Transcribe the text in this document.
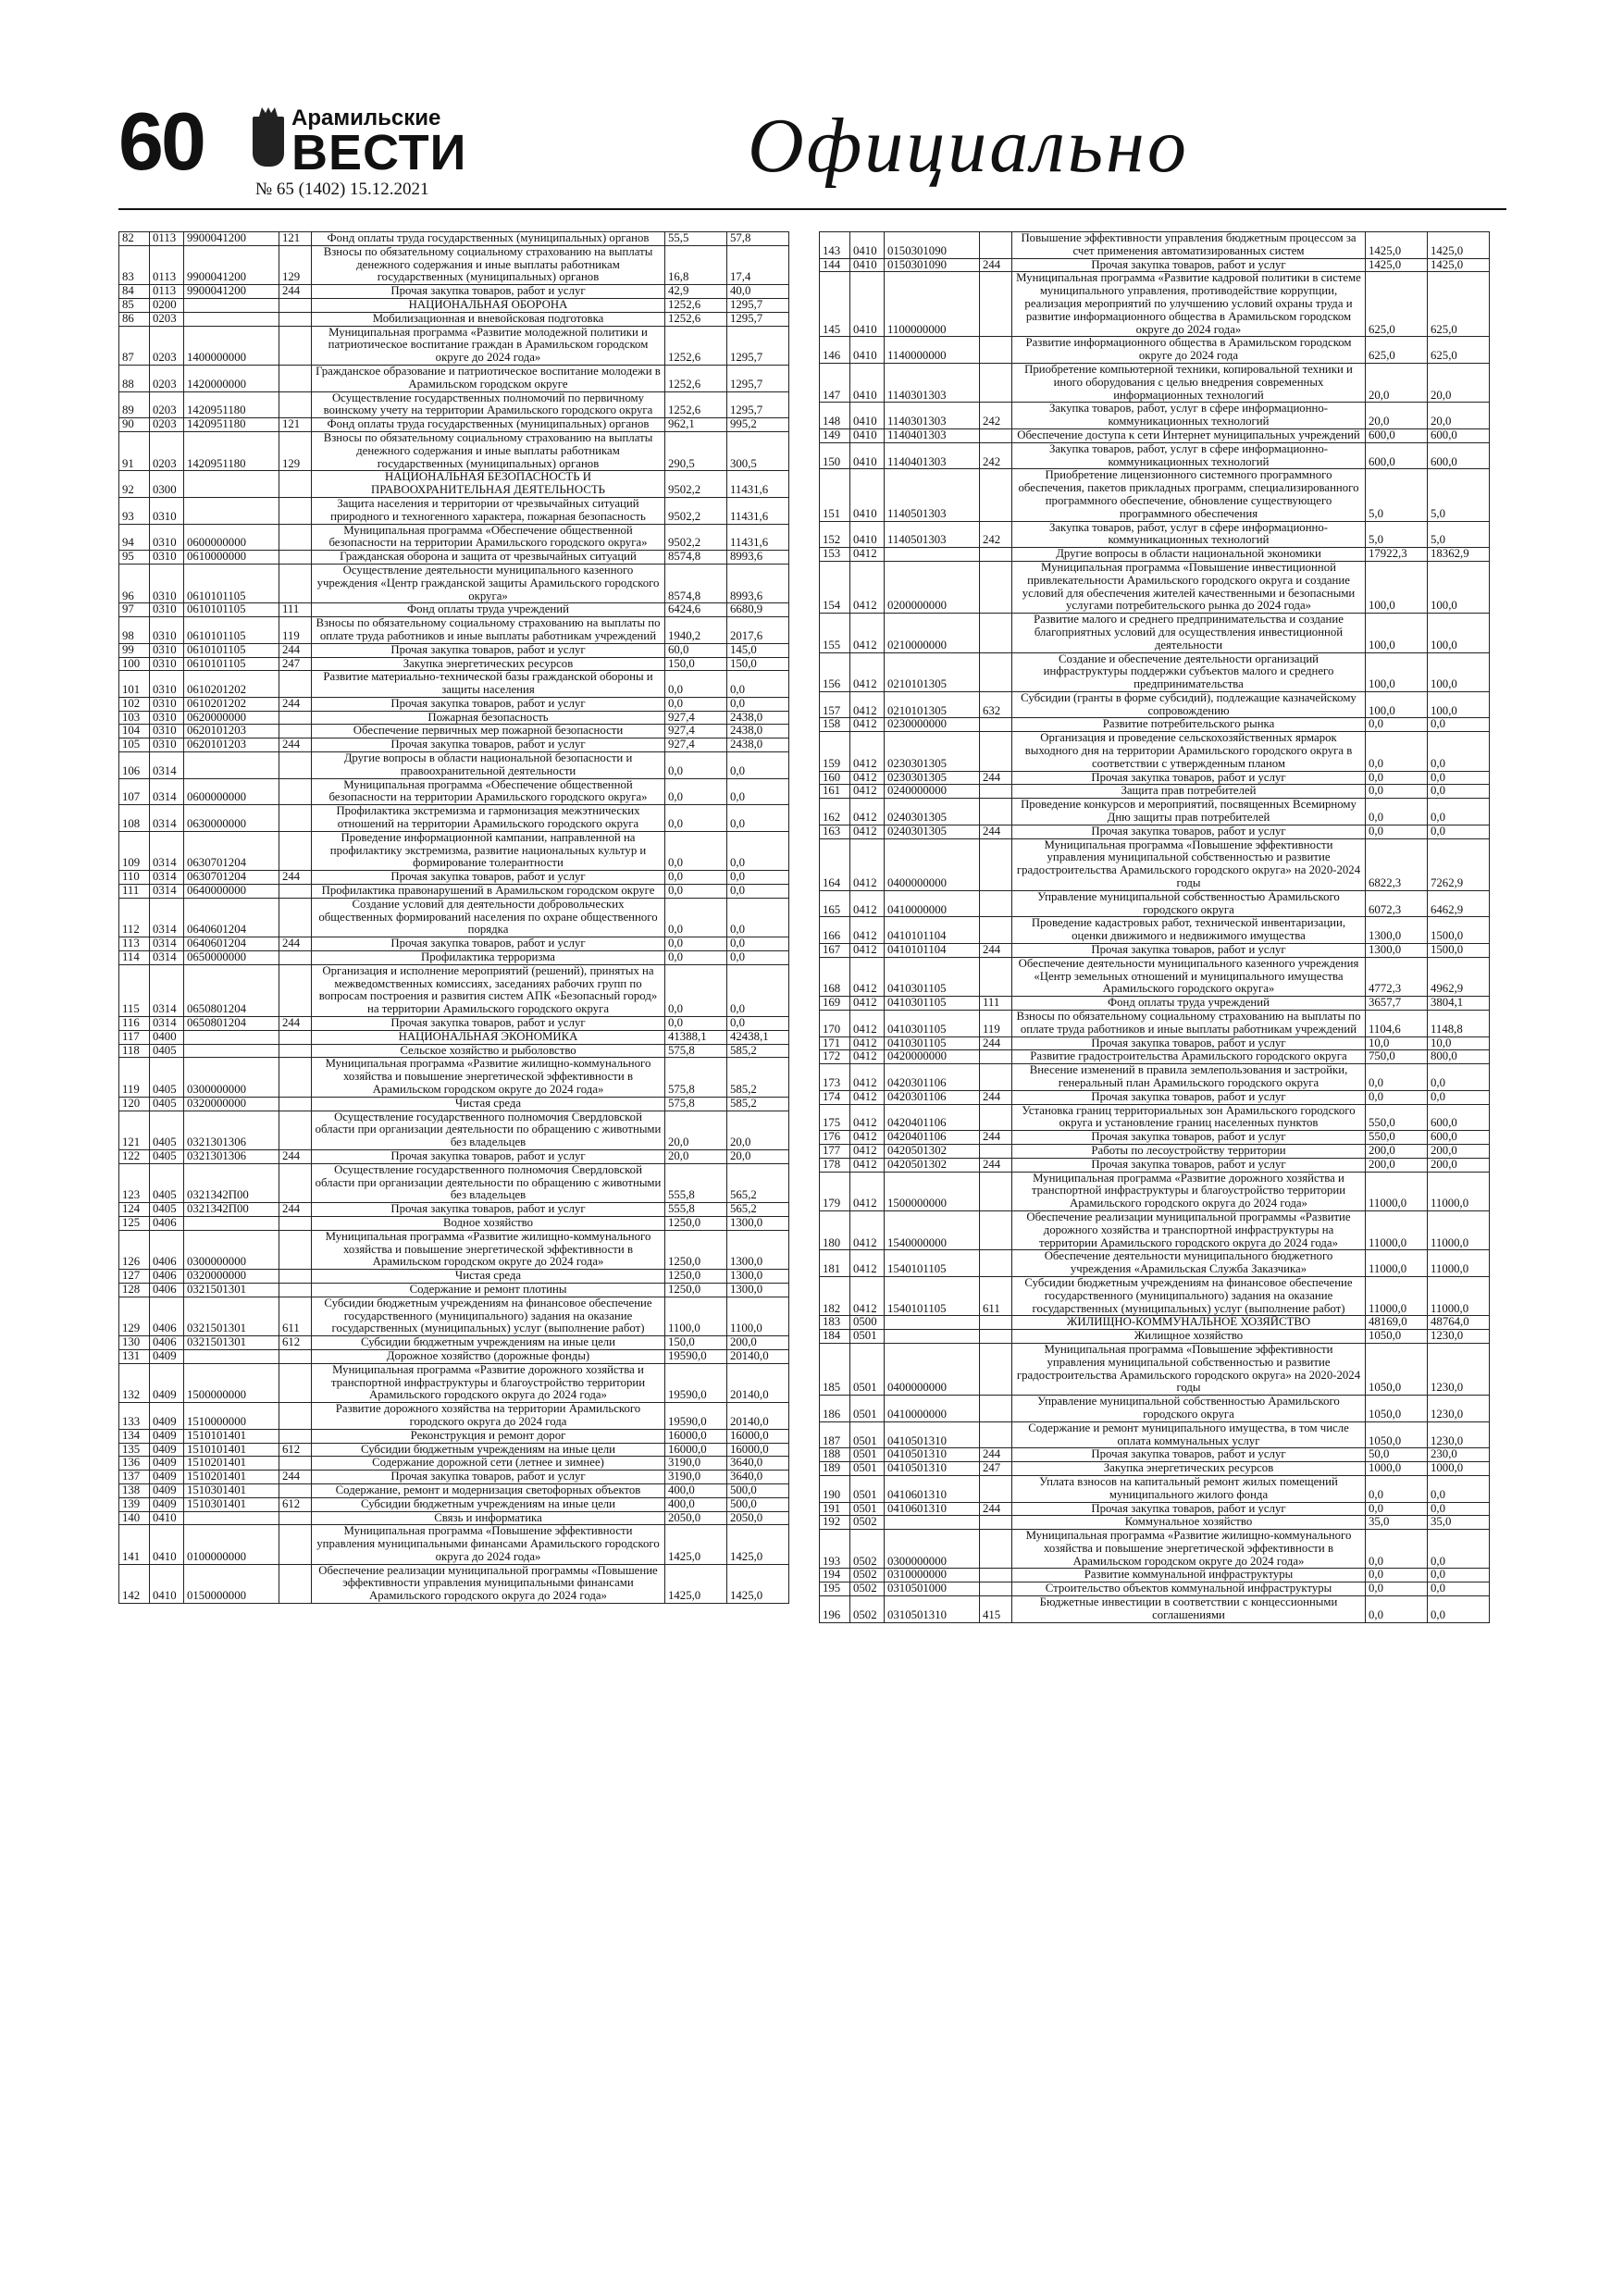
60	Арамильские
ВЕСТИ
№ 65 (1402) 15.12.2021
Официально
82	0113	9900041200	121	Фонд оплаты труда государственных (муниципальных) органов	55,5	57,8
83	0113	9900041200	129	Взносы по обязательному социальному страхованию на выплаты денежного содержания и иные выплаты работникам государственных (муниципальных) органов	16,8	17,4
84	0113	9900041200	244	Прочая закупка товаров, работ и услуг	42,9	40,0
85	0200			НАЦИОНАЛЬНАЯ ОБОРОНА	1252,6	1295,7
86	0203			Мобилизационная и вневойсковая подготовка	1252,6	1295,7
87	0203	1400000000		Муниципальная программа «Развитие молодежной политики и патриотическое воспитание граждан в Арамильском городском округе до 2024 года»	1252,6	1295,7
88	0203	1420000000		Гражданское образование и патриотическое воспитание молодежи в Арамильском городском округе	1252,6	1295,7
89	0203	1420951180		Осуществление государственных полномочий по первичному воинскому учету на территории Арамильского городского округа	1252,6	1295,7
90	0203	1420951180	121	Фонд оплаты труда государственных (муниципальных) органов	962,1	995,2
91	0203	1420951180	129	Взносы по обязательному социальному страхованию на выплаты денежного содержания и иные выплаты работникам государственных (муниципальных) органов	290,5	300,5
92	0300			НАЦИОНАЛЬНАЯ БЕЗОПАСНОСТЬ И ПРАВООХРАНИТЕЛЬНАЯ ДЕЯТЕЛЬНОСТЬ	9502,2	11431,6
93	0310			Защита населения и территории от чрезвычайных ситуаций природного и техногенного характера, пожарная безопасность	9502,2	11431,6
94	0310	0600000000		Муниципальная программа «Обеспечение общественной безопасности на территории Арамильского городского округа»	9502,2	11431,6
95	0310	0610000000		Гражданская оборона и защита от чрезвычайных ситуаций	8574,8	8993,6
96	0310	0610101105		Осуществление деятельности муниципального казенного учреждения «Центр гражданской защиты Арамильского городского округа»	8574,8	8993,6
97	0310	0610101105	111	Фонд оплаты труда учреждений	6424,6	6680,9
98	0310	0610101105	119	Взносы по обязательному социальному страхованию на выплаты по оплате труда работников и иные выплаты работникам учреждений	1940,2	2017,6
99	0310	0610101105	244	Прочая закупка товаров, работ и услуг	60,0	145,0
100	0310	0610101105	247	Закупка энергетических ресурсов	150,0	150,0
101	0310	0610201202		Развитие материально-технической базы гражданской обороны и защиты населения	0,0	0,0
102	0310	0610201202	244	Прочая закупка товаров, работ и услуг	0,0	0,0
103	0310	0620000000		Пожарная безопасность	927,4	2438,0
104	0310	0620101203		Обеспечение первичных мер пожарной безопасности	927,4	2438,0
105	0310	0620101203	244	Прочая закупка товаров, работ и услуг	927,4	2438,0
106	0314			Другие вопросы в области национальной безопасности и правоохранительной деятельности	0,0	0,0
107	0314	0600000000		Муниципальная программа «Обеспечение общественной безопасности на территории Арамильского городского округа»	0,0	0,0
108	0314	0630000000		Профилактика экстремизма и гармонизация межэтнических отношений на территории Арамильского городского округа	0,0	0,0
109	0314	0630701204		Проведение информационной кампании, направленной на профилактику экстремизма, развитие национальных культур и формирование толерантности	0,0	0,0
110	0314	0630701204	244	Прочая закупка товаров, работ и услуг	0,0	0,0
111	0314	0640000000		Профилактика правонарушений в Арамильском городском округе	0,0	0,0
112	0314	0640601204		Создание условий для деятельности добровольческих общественных формирований населения по охране общественного порядка	0,0	0,0
113	0314	0640601204	244	Прочая закупка товаров, работ и услуг	0,0	0,0
114	0314	0650000000		Профилактика терроризма	0,0	0,0
115	0314	0650801204		Организация и исполнение мероприятий (решений), принятых на межведомственных комиссиях, заседаниях рабочих групп по вопросам построения и развития систем АПК «Безопасный город» на территории Арамильского городского округа	0,0	0,0
116	0314	0650801204	244	Прочая закупка товаров, работ и услуг	0,0	0,0
117	0400			НАЦИОНАЛЬНАЯ ЭКОНОМИКА	41388,1	42438,1
118	0405			Сельское хозяйство и рыболовство	575,8	585,2
119	0405	0300000000		Муниципальная программа «Развитие жилищно-коммунального хозяйства и повышение энергетической эффективности в Арамильском городском округе до 2024 года»	575,8	585,2
120	0405	0320000000		Чистая среда	575,8	585,2
121	0405	0321301306		Осуществление государственного полномочия Свердловской области при организации деятельности по обращению с животными без владельцев	20,0	20,0
122	0405	0321301306	244	Прочая закупка товаров, работ и услуг	20,0	20,0
123	0405	0321342П00		Осуществление государственного полномочия Свердловской области при организации деятельности по обращению с животными без владельцев	555,8	565,2
124	0405	0321342П00	244	Прочая закупка товаров, работ и услуг	555,8	565,2
125	0406			Водное хозяйство	1250,0	1300,0
126	0406	0300000000		Муниципальная программа «Развитие жилищно-коммунального хозяйства и повышение энергетической эффективности в Арамильском городском округе до 2024 года»	1250,0	1300,0
127	0406	0320000000		Чистая среда	1250,0	1300,0
128	0406	0321501301		Содержание и ремонт плотины	1250,0	1300,0
129	0406	0321501301	611	Субсидии бюджетным учреждениям на финансовое обеспечение государственного (муниципального) задания на оказание государственных (муниципальных) услуг (выполнение работ)	1100,0	1100,0
130	0406	0321501301	612	Субсидии бюджетным учреждениям на иные цели	150,0	200,0
131	0409			Дорожное хозяйство (дорожные фонды)	19590,0	20140,0
132	0409	1500000000		Муниципальная программа «Развитие дорожного хозяйства и транспортной инфраструктуры и благоустройство территории Арамильского городского округа до 2024 года»	19590,0	20140,0
133	0409	1510000000		Развитие дорожного хозяйства на территории Арамильского городского округа до 2024 года	19590,0	20140,0
134	0409	1510101401		Реконструкция и ремонт дорог	16000,0	16000,0
135	0409	1510101401	612	Субсидии бюджетным учреждениям на иные цели	16000,0	16000,0
136	0409	1510201401		Содержание дорожной сети (летнее и зимнее)	3190,0	3640,0
137	0409	1510201401	244	Прочая закупка товаров, работ и услуг	3190,0	3640,0
138	0409	1510301401		Содержание, ремонт и модернизация светофорных объектов	400,0	500,0
139	0409	1510301401	612	Субсидии бюджетным учреждениям на иные цели	400,0	500,0
140	0410			Связь и информатика	2050,0	2050,0
141	0410	0100000000		Муниципальная программа «Повышение эффективности управления муниципальными финансами Арамильского городского округа до 2024 года»	1425,0	1425,0
142	0410	0150000000		Обеспечение реализации муниципальной программы «Повышение эффективности управления муниципальными финансами Арамильского городского округа до 2024 года»	1425,0	1425,0
143	0410	0150301090		Повышение эффективности управления бюджетным процессом за счет применения автоматизированных систем	1425,0	1425,0
144	0410	0150301090	244	Прочая закупка товаров, работ и услуг	1425,0	1425,0
145	0410	1100000000		Муниципальная программа «Развитие кадровой политики в системе муниципального управления, противодействие коррупции, реализация мероприятий по улучшению условий охраны труда и развитие информационного общества в Арамильском городском округе до 2024 года»	625,0	625,0
146	0410	1140000000		Развитие информационного общества в Арамильском городском округе до 2024 года	625,0	625,0
147	0410	1140301303		Приобретение компьютерной техники, копировальной техники и иного оборудования с целью внедрения современных информационных технологий	20,0	20,0
148	0410	1140301303	242	Закупка товаров, работ, услуг в сфере информационно-коммуникационных технологий	20,0	20,0
149	0410	1140401303		Обеспечение доступа к сети Интернет муниципальных учреждений	600,0	600,0
150	0410	1140401303	242	Закупка товаров, работ, услуг в сфере информационно-коммуникационных технологий	600,0	600,0
151	0410	1140501303		Приобретение лицензионного системного программного обеспечения, пакетов прикладных программ, специализированного программного обеспечение, обновление существующего программного обеспечения	5,0	5,0
152	0410	1140501303	242	Закупка товаров, работ, услуг в сфере информационно-коммуникационных технологий	5,0	5,0
153	0412			Другие вопросы в области национальной экономики	17922,3	18362,9
154	0412	0200000000		Муниципальная программа «Повышение инвестиционной привлекательности Арамильского городского округа и создание условий для обеспечения жителей качественными и безопасными услугами потребительского рынка до 2024 года»	100,0	100,0
155	0412	0210000000		Развитие малого и среднего предпринимательства и создание благоприятных условий для осуществления инвестиционной деятельности	100,0	100,0
156	0412	0210101305		Создание и обеспечение деятельности организаций инфраструктуры поддержки субъектов малого и среднего предпринимательства	100,0	100,0
157	0412	0210101305	632	Субсидии (гранты в форме субсидий), подлежащие казначейскому сопровождению	100,0	100,0
158	0412	0230000000		Развитие потребительского рынка	0,0	0,0
159	0412	0230301305		Организация и проведение сельскохозяйственных ярмарок выходного дня на территории Арамильского городского округа в соответствии с утвержденным планом	0,0	0,0
160	0412	0230301305	244	Прочая закупка товаров, работ и услуг	0,0	0,0
161	0412	0240000000		Защита прав потребителей	0,0	0,0
162	0412	0240301305		Проведение конкурсов и мероприятий, посвященных Всемирному Дню защиты прав потребителей	0,0	0,0
163	0412	0240301305	244	Прочая закупка товаров, работ и услуг	0,0	0,0
164	0412	0400000000		Муниципальная программа «Повышение эффективности управления муниципальной собственностью и развитие градостроительства Арамильского городского округа» на 2020-2024 годы	6822,3	7262,9
165	0412	0410000000		Управление муниципальной собственностью Арамильского городского округа	6072,3	6462,9
166	0412	0410101104		Проведение кадастровых работ, технической инвентаризации, оценки движимого и недвижимого имущества	1300,0	1500,0
167	0412	0410101104	244	Прочая закупка товаров, работ и услуг	1300,0	1500,0
168	0412	0410301105		Обеспечение деятельности муниципального казенного учреждения «Центр земельных отношений и муниципального имущества Арамильского городского округа»	4772,3	4962,9
169	0412	0410301105	111	Фонд оплаты труда учреждений	3657,7	3804,1
170	0412	0410301105	119	Взносы по обязательному социальному страхованию на выплаты по оплате труда работников и иные выплаты работникам учреждений	1104,6	1148,8
171	0412	0410301105	244	Прочая закупка товаров, работ и услуг	10,0	10,0
172	0412	0420000000		Развитие градостроительства Арамильского городского округа	750,0	800,0
173	0412	0420301106		Внесение изменений в правила землепользования и застройки, генеральный план Арамильского городского округа	0,0	0,0
174	0412	0420301106	244	Прочая закупка товаров, работ и услуг	0,0	0,0
175	0412	0420401106		Установка границ территориальных зон Арамильского городского округа и установление границ населенных пунктов	550,0	600,0
176	0412	0420401106	244	Прочая закупка товаров, работ и услуг	550,0	600,0
177	0412	0420501302		Работы по лесоустройству территории	200,0	200,0
178	0412	0420501302	244	Прочая закупка товаров, работ и услуг	200,0	200,0
179	0412	1500000000		Муниципальная программа «Развитие дорожного хозяйства и транспортной инфраструктуры и благоустройство территории Арамильского городского округа до 2024 года»	11000,0	11000,0
180	0412	1540000000		Обеспечение реализации муниципальной программы «Развитие дорожного хозяйства и транспортной инфраструктуры на территории Арамильского городского округа до 2024 года»	11000,0	11000,0
181	0412	1540101105		Обеспечение деятельности муниципального бюджетного учреждения «Арамильская Служба Заказчика»	11000,0	11000,0
182	0412	1540101105	611	Субсидии бюджетным учреждениям на финансовое обеспечение государственного (муниципального) задания на оказание государственных (муниципальных) услуг (выполнение работ)	11000,0	11000,0
183	0500			ЖИЛИЩНО-КОММУНАЛЬНОЕ ХОЗЯЙСТВО	48169,0	48764,0
184	0501			Жилищное хозяйство	1050,0	1230,0
185	0501	0400000000		Муниципальная программа «Повышение эффективности управления муниципальной собственностью и развитие градостроительства Арамильского городского округа» на 2020-2024 годы	1050,0	1230,0
186	0501	0410000000		Управление муниципальной собственностью Арамильского городского округа	1050,0	1230,0
187	0501	0410501310		Содержание и ремонт муниципального имущества, в том числе оплата коммунальных услуг	1050,0	1230,0
188	0501	0410501310	244	Прочая закупка товаров, работ и услуг	50,0	230,0
189	0501	0410501310	247	Закупка энергетических ресурсов	1000,0	1000,0
190	0501	0410601310		Уплата взносов на капитальный ремонт жилых помещений муниципального жилого фонда	0,0	0,0
191	0501	0410601310	244	Прочая закупка товаров, работ и услуг	0,0	0,0
192	0502			Коммунальное хозяйство	35,0	35,0
193	0502	0300000000		Муниципальная программа «Развитие жилищно-коммунального хозяйства и повышение энергетической эффективности в Арамильском городском округе до 2024 года»	0,0	0,0
194	0502	0310000000		Развитие коммунальной инфраструктуры	0,0	0,0
195	0502	0310501000		Строительство объектов коммунальной инфраструктуры	0,0	0,0
196	0502	0310501310	415	Бюджетные инвестиции в соответствии с концессионными соглашениями	0,0	0,0
